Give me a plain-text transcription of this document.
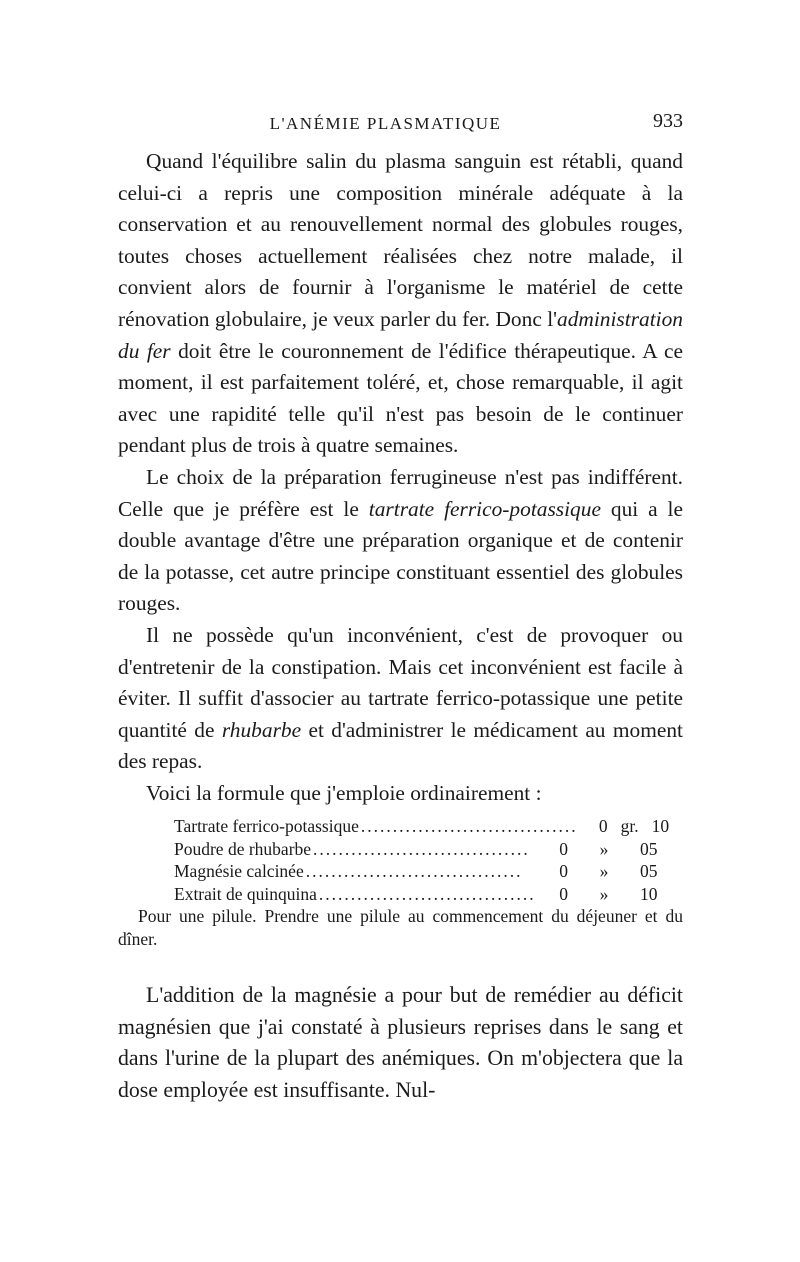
L'ANÉMIE PLASMATIQUE	933

Quand l'équilibre salin du plasma sanguin est rétabli, quand celui-ci a repris une composition minérale adéquate à la conservation et au renouvellement normal des globules rouges, toutes choses actuellement réalisées chez notre malade, il convient alors de fournir à l'organisme le matériel de cette rénovation globulaire, je veux parler du fer. Donc l'administration du fer doit être le couronnement de l'édifice thérapeutique. A ce moment, il est parfaitement toléré, et, chose remarquable, il agit avec une rapidité telle qu'il n'est pas besoin de le continuer pendant plus de trois à quatre semaines.

Le choix de la préparation ferrugineuse n'est pas indifférent. Celle que je préfère est le tartrate ferrico-potassique qui a le double avantage d'être une préparation organique et de contenir de la potasse, cet autre principe constituant essentiel des globules rouges.

Il ne possède qu'un inconvénient, c'est de provoquer ou d'entretenir de la constipation. Mais cet inconvénient est facile à éviter. Il suffit d'associer au tartrate ferrico-potassique une petite quantité de rhubarbe et d'administrer le médicament au moment des repas.

Voici la formule que j'emploie ordinairement :

Tartrate ferrico-potassique ..................................	0 gr. 10
Poudre de rhubarbe ..................................	0	»	05
Magnésie calcinée ..................................	0	»	05
Extrait de quinquina ..................................	0	»	10
Pour une pilule. Prendre une pilule au commencement du déjeuner et du dîner.

L'addition de la magnésie a pour but de remédier au déficit magnésien que j'ai constaté à plusieurs reprises dans le sang et dans l'urine de la plupart des anémiques. On m'objectera que la dose employée est insuffisante. Nul-
